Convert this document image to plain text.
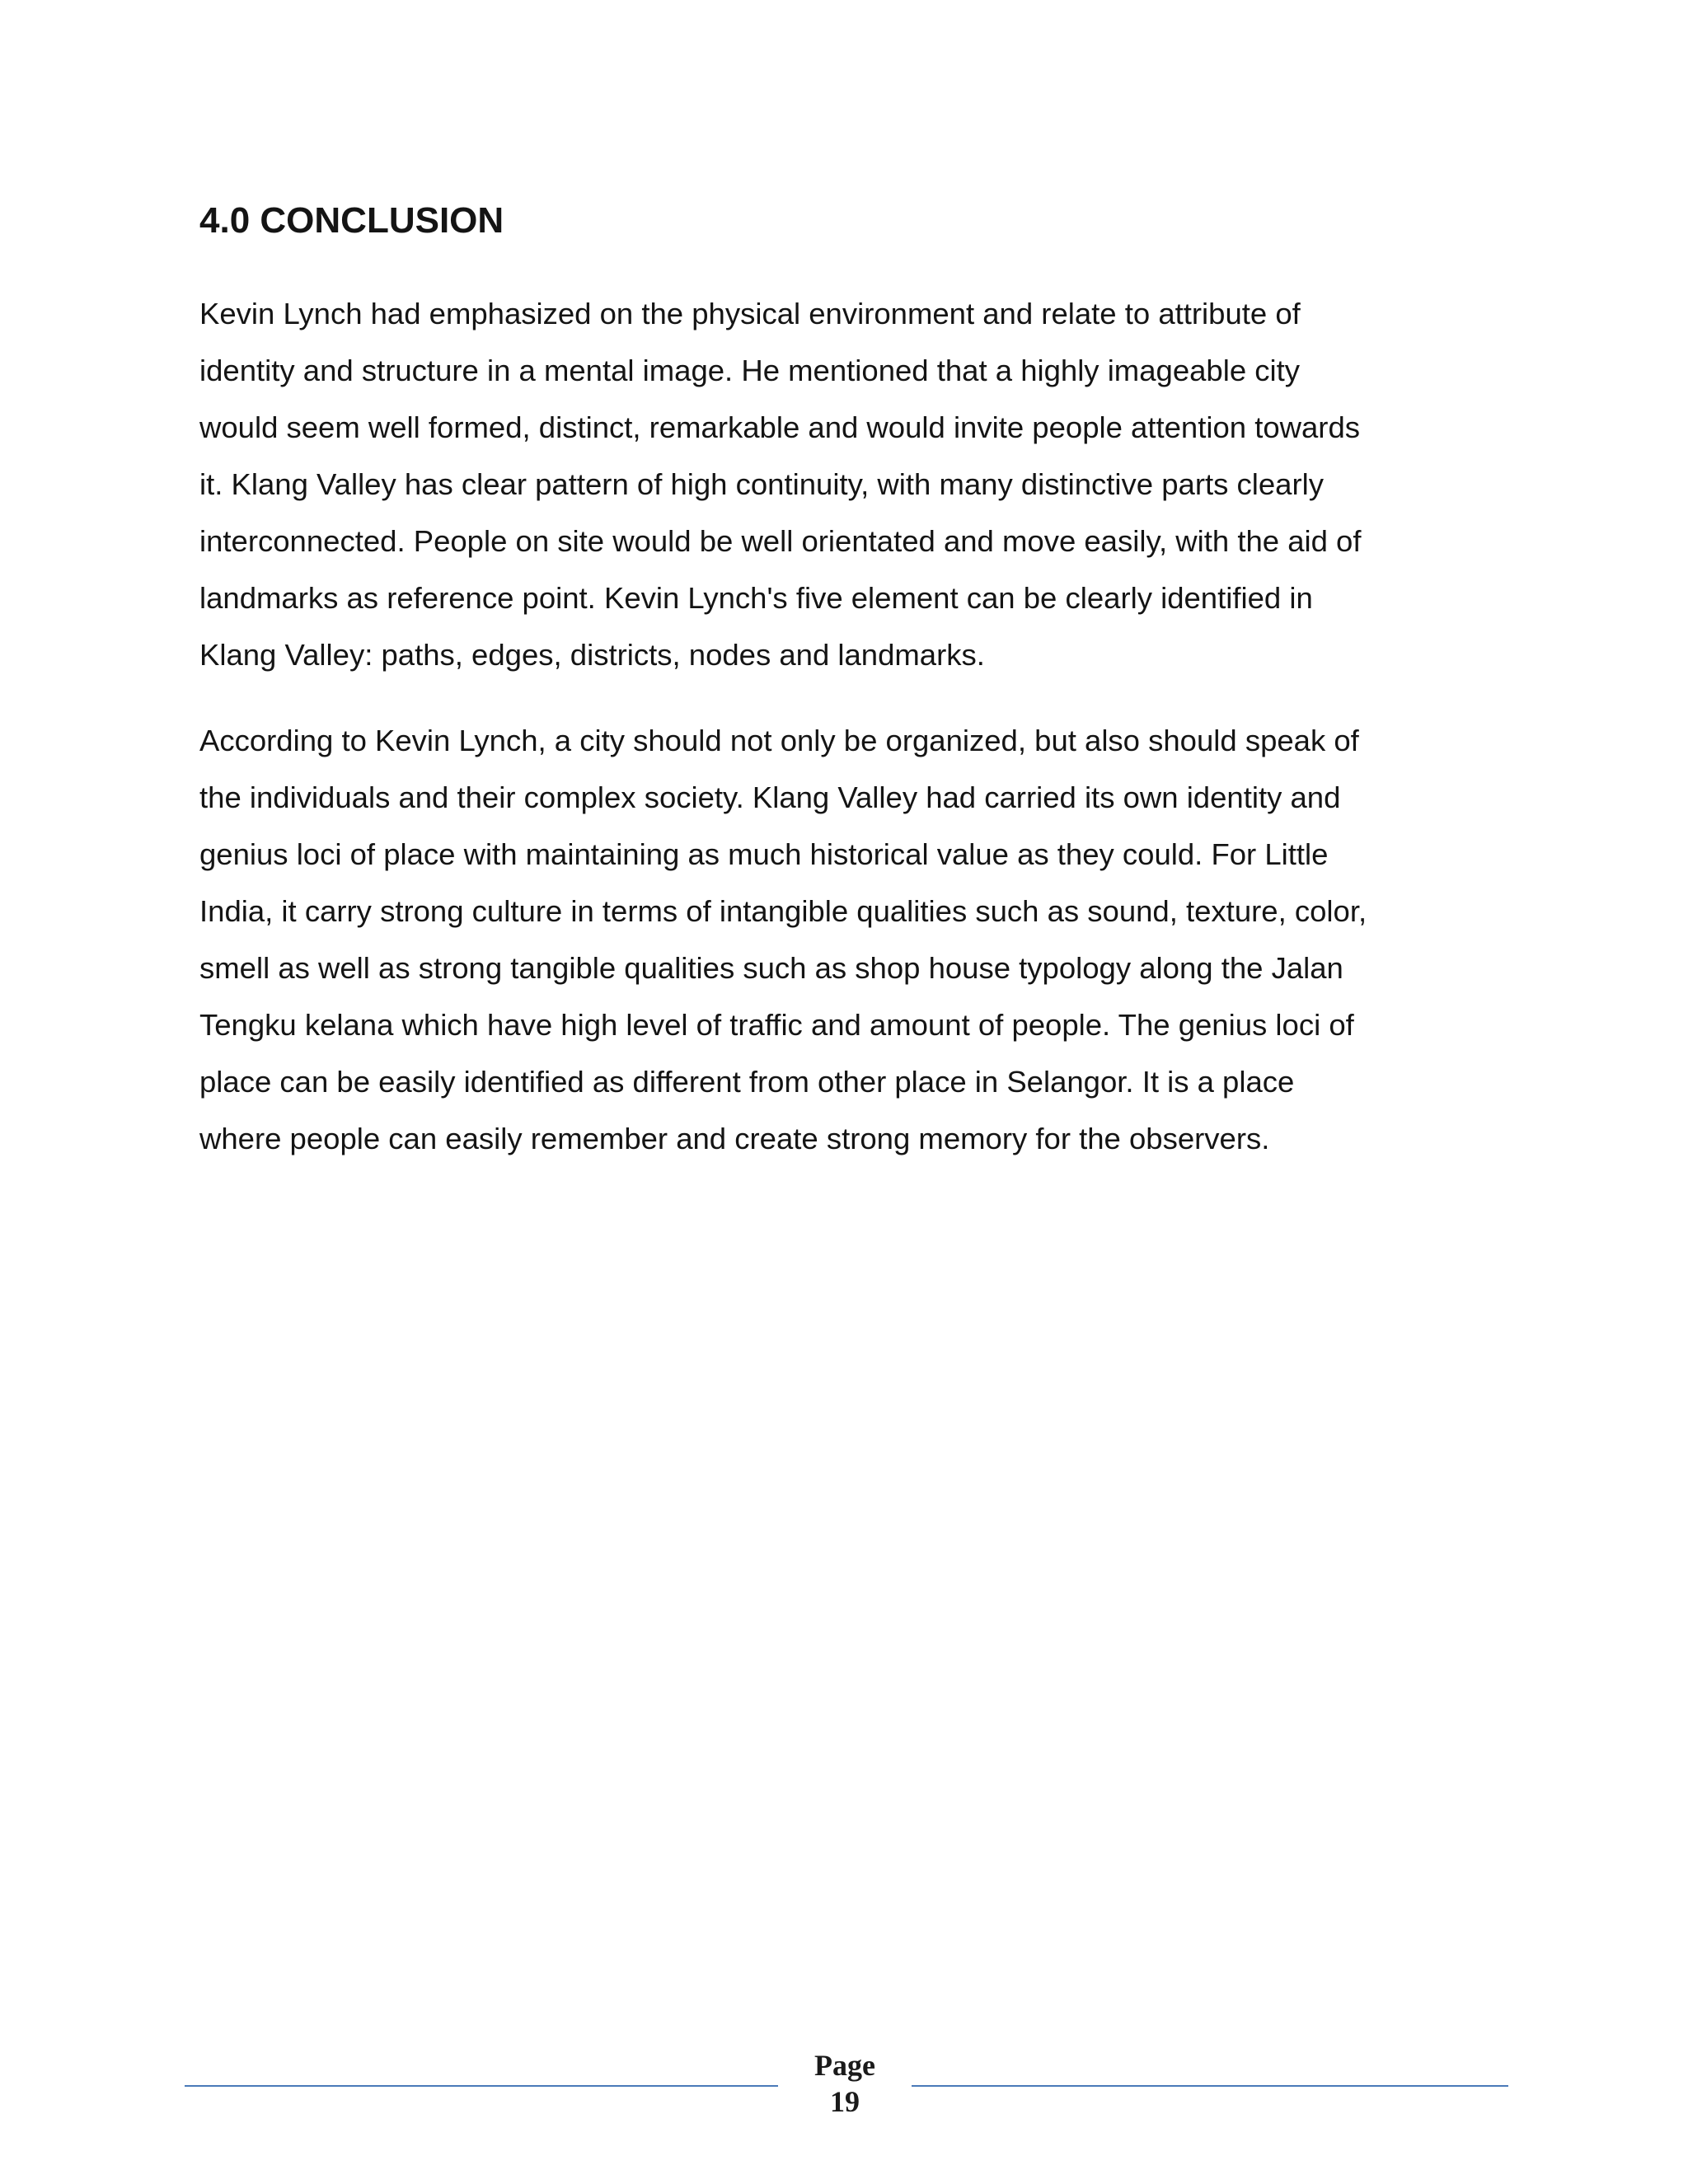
4.0 CONCLUSION
Kevin Lynch had emphasized on the physical environment and relate to attribute of
identity and structure in a mental image. He mentioned that a highly imageable city
would seem well formed, distinct, remarkable and would invite people attention towards
it. Klang Valley has clear pattern of high continuity, with many distinctive parts clearly
interconnected. People on site would be well orientated and move easily, with the aid of
landmarks as reference point. Kevin Lynch's five element can be clearly identified in
Klang Valley: paths, edges, districts, nodes and landmarks.
According to Kevin Lynch, a city should not only be organized, but also should speak of
the individuals and their complex society. Klang Valley had carried its own identity and
genius loci of place with maintaining as much historical value as they could. For Little
India, it carry strong culture in terms of intangible qualities such as sound, texture, color,
smell as well as strong tangible qualities such as shop house typology along the Jalan
Tengku kelana which have high level of traffic and amount of people. The genius loci of
place can be easily identified as different from other place in Selangor. It is a place
where people can easily remember and create strong memory for the observers.
Page
19
